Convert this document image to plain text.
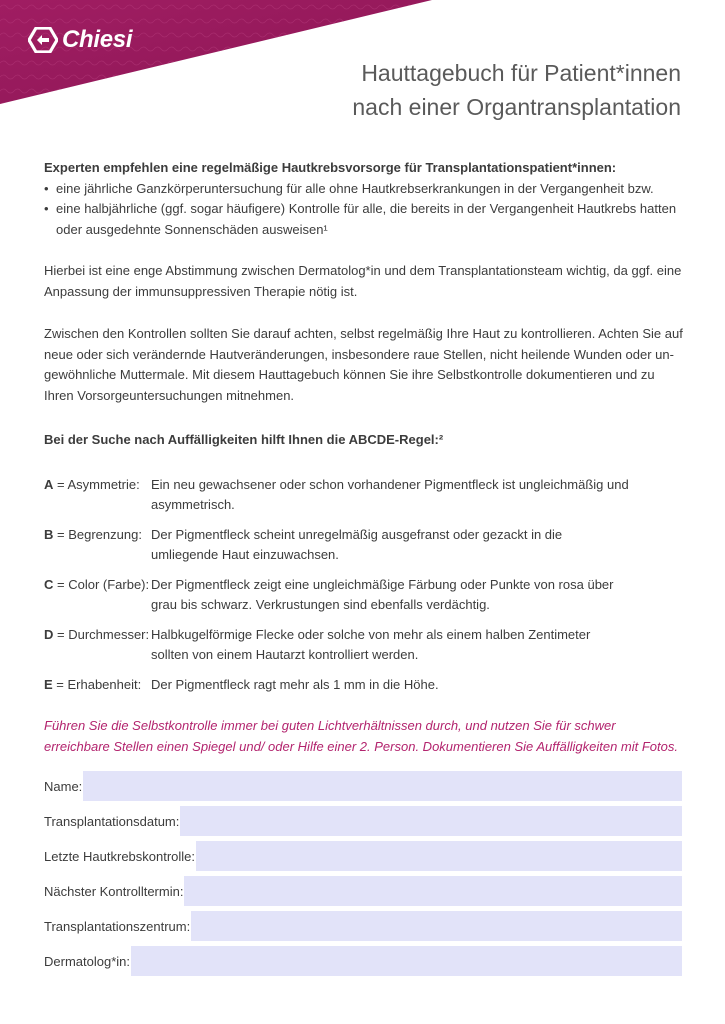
Chiesi
Hauttagebuch für Patient*innen
nach einer Organtransplantation

Experten empfehlen eine regelmäßige Hautkrebsvorsorge für Transplantationspatient*innen:

• eine jährliche Ganzkörperuntersuchung für alle ohne Hautkrebserkrankungen in der Vergangenheit bzw.
• eine halbjährliche (ggf. sogar häufigere) Kontrolle für alle, die bereits in der Vergangenheit Hautkrebs hatten oder ausgedehnte Sonnenschäden ausweisen¹

Hierbei ist eine enge Abstimmung zwischen Dermatolog*in und dem Transplantationsteam wichtig, da ggf. eine Anpassung der immunsuppressiven Therapie nötig ist.

Zwischen den Kontrollen sollten Sie darauf achten, selbst regelmäßig Ihre Haut zu kontrollieren. Achten Sie auf neue oder sich verändernde Hautveränderungen, insbesondere raue Stellen, nicht heilende Wunden oder un-gewöhnliche Muttermale. Mit diesem Hauttagebuch können Sie ihre Selbstkontrolle dokumentieren und zu Ihren Vorsorgeuntersuchungen mitnehmen.

Bei der Suche nach Auffälligkeiten hilft Ihnen die ABCDE-Regel:²

A = Asymmetrie: Ein neu gewachsener oder schon vorhandener Pigmentfleck ist ungleichmäßig und asymmetrisch.
B = Begrenzung: Der Pigmentfleck scheint unregelmäßig ausgefranst oder gezackt in die umliegende Haut einzuwachsen.
C = Color (Farbe): Der Pigmentfleck zeigt eine ungleichmäßige Färbung oder Punkte von rosa über grau bis schwarz. Verkrustungen sind ebenfalls verdächtig.
D = Durchmesser: Halbkugelförmige Flecke oder solche von mehr als einem halben Zentimeter sollten von einem Hautarzt kontrolliert werden.
E = Erhabenheit: Der Pigmentfleck ragt mehr als 1 mm in die Höhe.

Führen Sie die Selbstkontrolle immer bei guten Lichtverhältnissen durch, und nutzen Sie für schwer erreichbare Stellen einen Spiegel und/ oder Hilfe einer 2. Person. Dokumentieren Sie Auffälligkeiten mit Fotos.

Name:
Transplantationsdatum:
Letzte Hautkrebskontrolle:
Nächster Kontrolltermin:
Transplantationszentrum:
Dermatolog*in:
